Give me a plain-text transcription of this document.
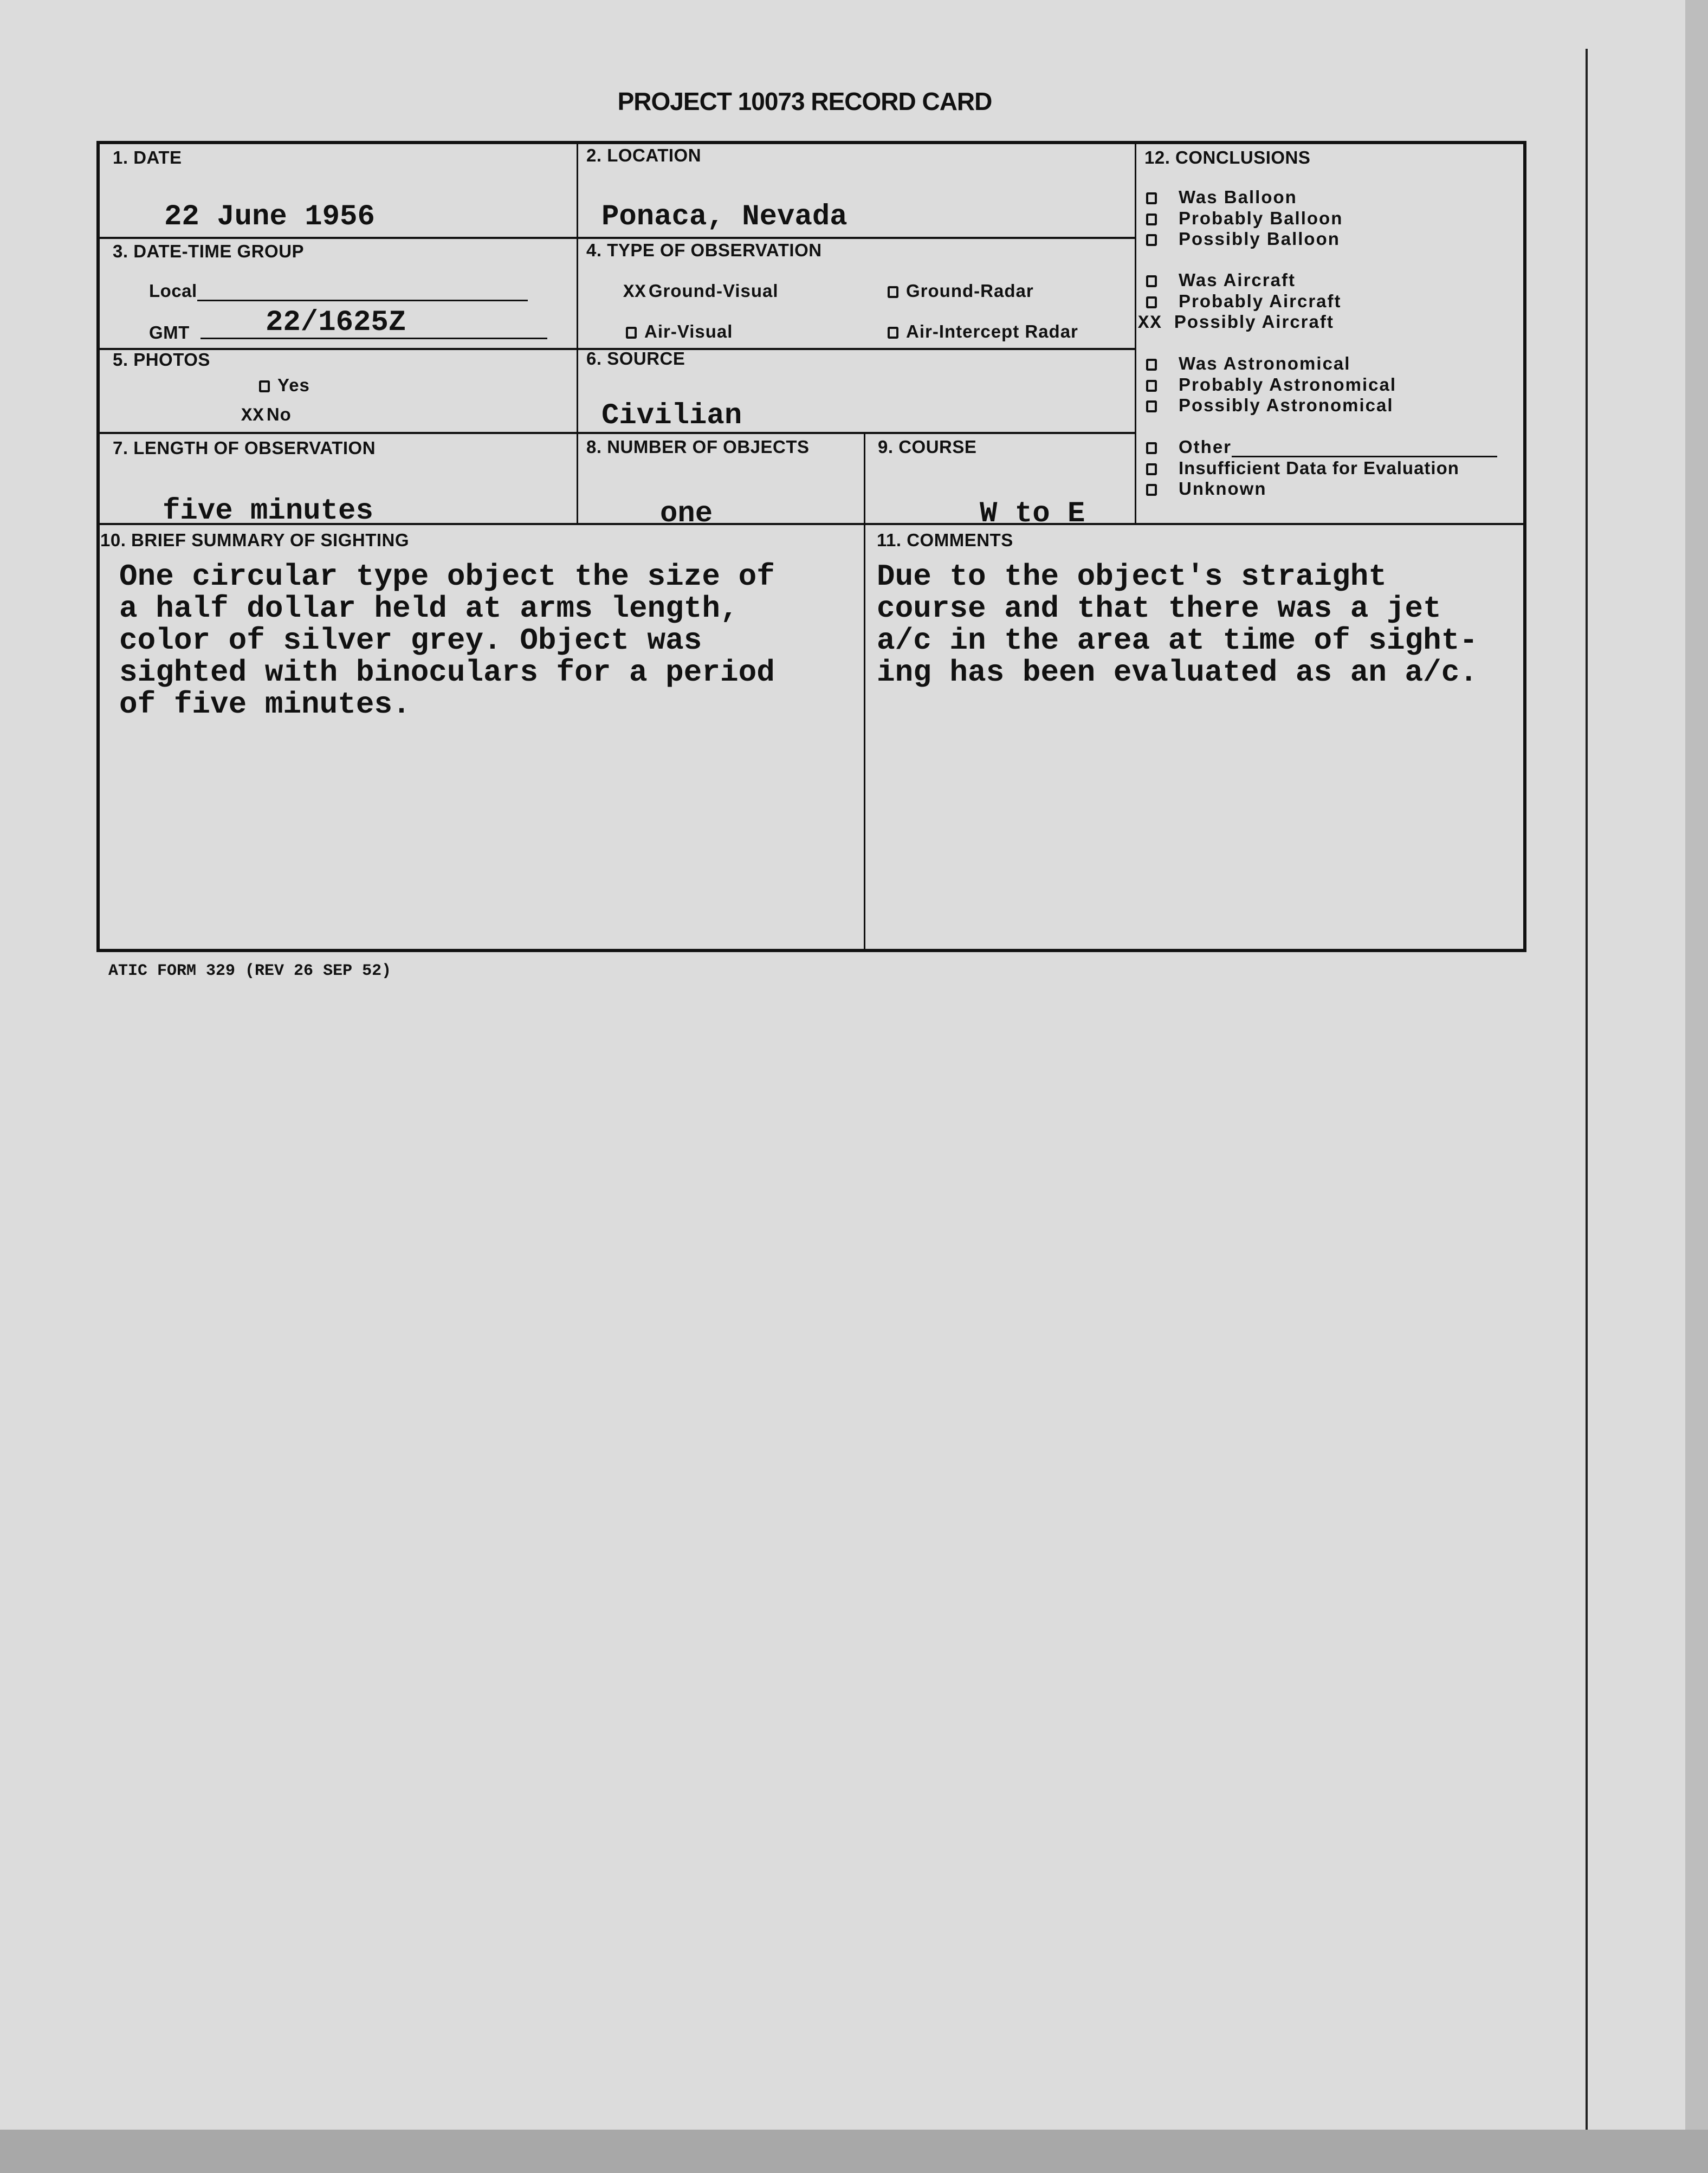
PROJECT 10073 RECORD CARD
1. DATE
22 June 1956
2. LOCATION
Ponaca, Nevada
3. DATE-TIME GROUP
Local
GMT	22/1625Z
4. TYPE OF OBSERVATION
XX Ground-Visual	Ground-Radar
Air-Visual	Air-Intercept Radar
5. PHOTOS
Yes
XX No
6. SOURCE
Civilian
7. LENGTH OF OBSERVATION
five minutes
8. NUMBER OF OBJECTS
one
9. COURSE
W to E
10. BRIEF SUMMARY OF SIGHTING
One circular type object the size of
a half dollar held at arms length,
color of silver grey. Object was
sighted with binoculars for a period
of five minutes.
11. COMMENTS
Due to the object's straight
course and that there was a jet
a/c in the area at time of sight-
ing has been evaluated as an a/c.
12. CONCLUSIONS
Was Balloon
Probably Balloon
Possibly Balloon
Was Aircraft
Probably Aircraft
XX Possibly Aircraft
Was Astronomical
Probably Astronomical
Possibly Astronomical
Other
Insufficient Data for Evaluation
Unknown
ATIC FORM 329 (REV 26 SEP 52)
